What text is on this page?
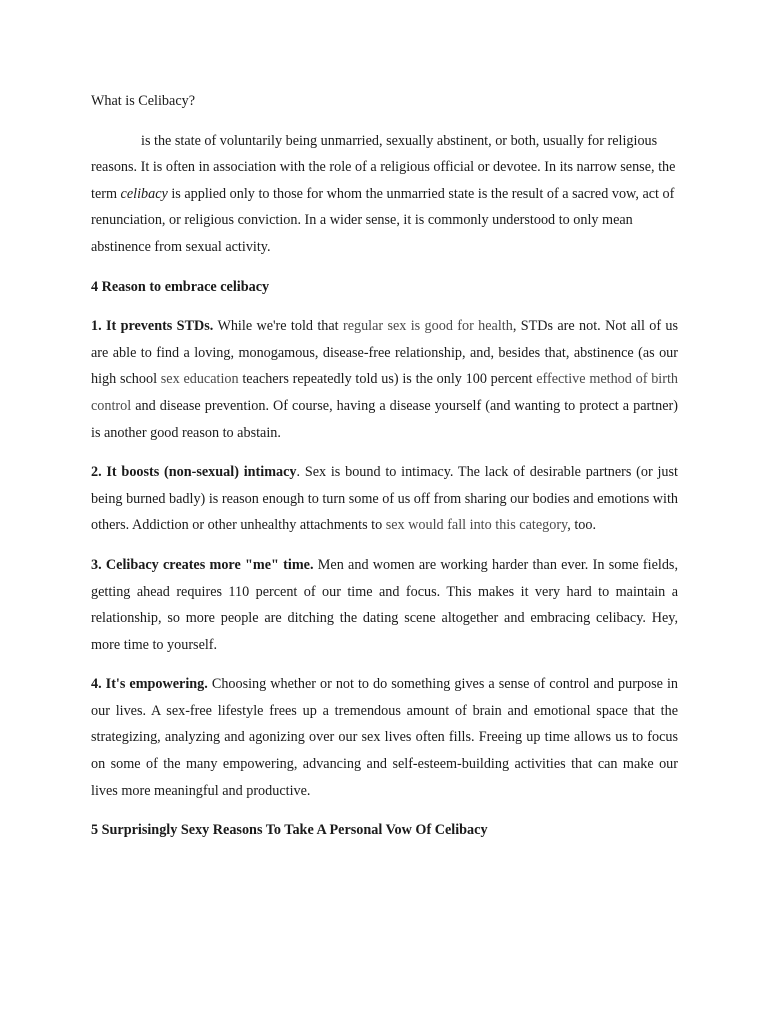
What is Celibacy?

is the state of voluntarily being unmarried, sexually abstinent, or both, usually for religious reasons. It is often in association with the role of a religious official or devotee. In its narrow sense, the term celibacy is applied only to those for whom the unmarried state is the result of a sacred vow, act of renunciation, or religious conviction. In a wider sense, it is commonly understood to only mean abstinence from sexual activity.

4 Reason to embrace celibacy

1. It prevents STDs. While we're told that regular sex is good for health, STDs are not. Not all of us are able to find a loving, monogamous, disease-free relationship, and, besides that, abstinence (as our high school sex education teachers repeatedly told us) is the only 100 percent effective method of birth control and disease prevention. Of course, having a disease yourself (and wanting to protect a partner) is another good reason to abstain.

2. It boosts (non-sexual) intimacy. Sex is bound to intimacy. The lack of desirable partners (or just being burned badly) is reason enough to turn some of us off from sharing our bodies and emotions with others. Addiction or other unhealthy attachments to sex would fall into this category, too.

3. Celibacy creates more "me" time. Men and women are working harder than ever. In some fields, getting ahead requires 110 percent of our time and focus. This makes it very hard to maintain a relationship, so more people are ditching the dating scene altogether and embracing celibacy. Hey, more time to yourself.

4. It's empowering. Choosing whether or not to do something gives a sense of control and purpose in our lives. A sex-free lifestyle frees up a tremendous amount of brain and emotional space that the strategizing, analyzing and agonizing over our sex lives often fills. Freeing up time allows us to focus on some of the many empowering, advancing and self-esteem-building activities that can make our lives more meaningful and productive.

5 Surprisingly Sexy Reasons To Take A Personal Vow Of Celibacy
